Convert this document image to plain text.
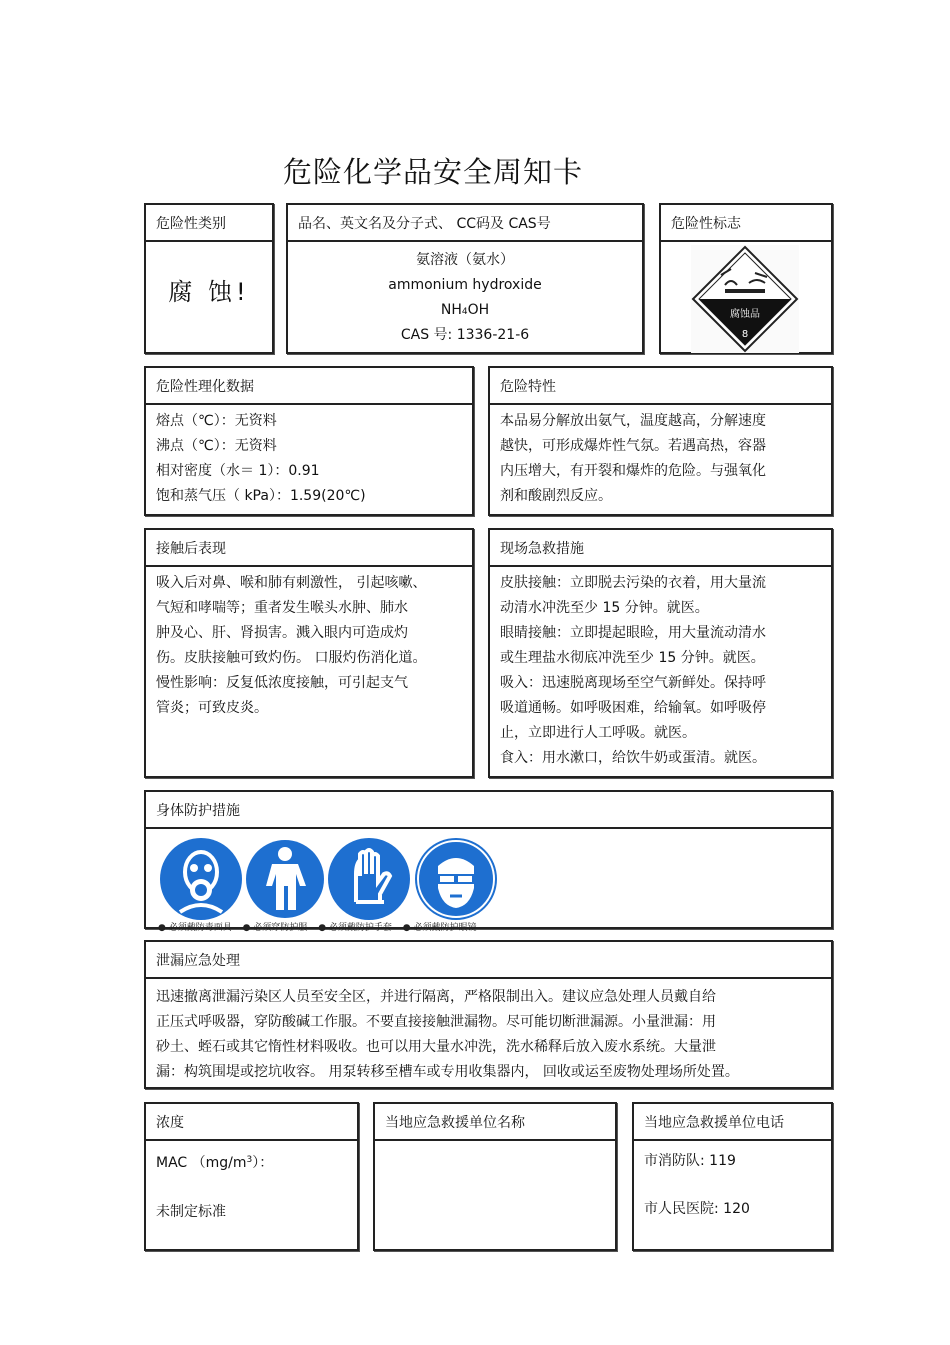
危险化学品安全周知卡
危险性类别
腐 蚀!
品名、英文名及分子式、 CC码及 CAS号
氨溶液（氨水）
ammonium hydroxide
NH4OH
CAS 号: 1336-21-6
危险性标志
腐蚀品
8
危险性理化数据
熔点（℃）：无资料
沸点（℃）：无资料
相对密度（水＝ 1）：0.91
饱和蒸气压（ kPa）：1.59(20℃)
危险特性
本品易分解放出氨气，温度越高，分解速度
越快，可形成爆炸性气氛。若遇高热，容器
内压增大，有开裂和爆炸的危险。与强氧化
剂和酸剧烈反应。
接触后表现
吸入后对鼻、喉和肺有刺激性， 引起咳嗽、
气短和哮喘等；重者发生喉头水肿、肺水
肿及心、肝、肾损害。溅入眼内可造成灼
伤。皮肤接触可致灼伤。 口服灼伤消化道。
慢性影响：反复低浓度接触，可引起支气
管炎；可致皮炎。
现场急救措施
皮肤接触：立即脱去污染的衣着，用大量流
动清水冲洗至少 15 分钟。就医。
眼睛接触：立即提起眼睑，用大量流动清水
或生理盐水彻底冲洗至少 15 分钟。就医。
吸入：迅速脱离现场至空气新鲜处。保持呼
吸道通畅。如呼吸困难，给输氧。如呼吸停
止，立即进行人工呼吸。就医。
食入：用水漱口，给饮牛奶或蛋清。就医。
身体防护措施
● 必须戴防毒面具 ● 必须穿防护服 ● 必须戴防护手套 ● 必须戴防护眼镜
泄漏应急处理
迅速撤离泄漏污染区人员至安全区，并进行隔离，严格限制出入。建议应急处理人员戴自给
正压式呼吸器，穿防酸碱工作服。不要直接接触泄漏物。尽可能切断泄漏源。小量泄漏：用
砂土、蛭石或其它惰性材料吸收。也可以用大量水冲洗，洗水稀释后放入废水系统。大量泄
漏：构筑围堤或挖坑收容。 用泵转移至槽车或专用收集器内， 回收或运至废物处理场所处置。
浓度
MAC $(mg/m^3)$：
未制定标准
当地应急救援单位名称	当地应急救援单位电话
市消防队: 119
市人民医院: 120
